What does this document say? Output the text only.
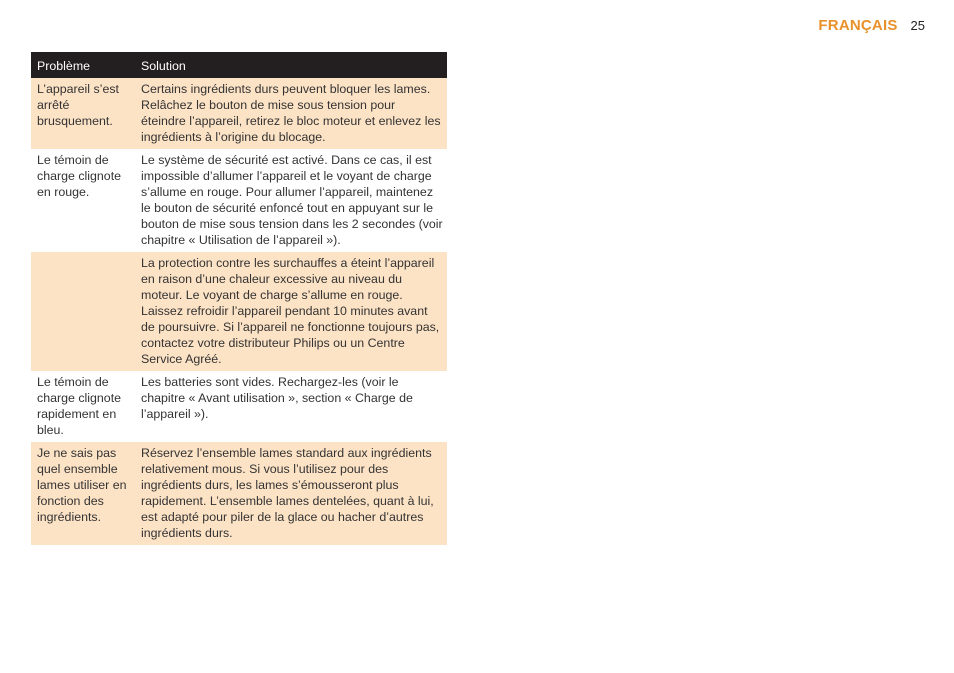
FRANÇAIS 25
Problème	Solution
L’appareil s’est arrêté brusquement.	Certains ingrédients durs peuvent bloquer les lames. Relâchez le bouton de mise sous tension pour éteindre l’appareil, retirez le bloc moteur et enlevez les ingrédients à l’origine du blocage.
Le témoin de charge clignote en rouge.	Le système de sécurité est activé. Dans ce cas, il est impossible d’allumer l’appareil et le voyant de charge s’allume en rouge. Pour allumer l’appareil, maintenez le bouton de sécurité enfoncé tout en appuyant sur le bouton de mise sous tension dans les 2 secondes (voir chapitre « Utilisation de l’appareil »).
	La protection contre les surchauffes a éteint l’appareil en raison d’une chaleur excessive au niveau du moteur. Le voyant de charge s’allume en rouge. Laissez refroidir l’appareil pendant 10 minutes avant de poursuivre. Si l’appareil ne fonctionne toujours pas, contactez votre distributeur Philips ou un Centre Service Agréé.
Le témoin de charge clignote rapidement en bleu.	Les batteries sont vides. Rechargez-les (voir le chapitre « Avant utilisation », section « Charge de l’appareil »).
Je ne sais pas quel ensemble lames utiliser en fonction des ingrédients.	Réservez l’ensemble lames standard aux ingrédients relativement mous. Si vous l’utilisez pour des ingrédients durs, les lames s’émousseront plus rapidement. L’ensemble lames dentelées, quant à lui, est adapté pour piler de la glace ou hacher d’autres ingrédients durs.
